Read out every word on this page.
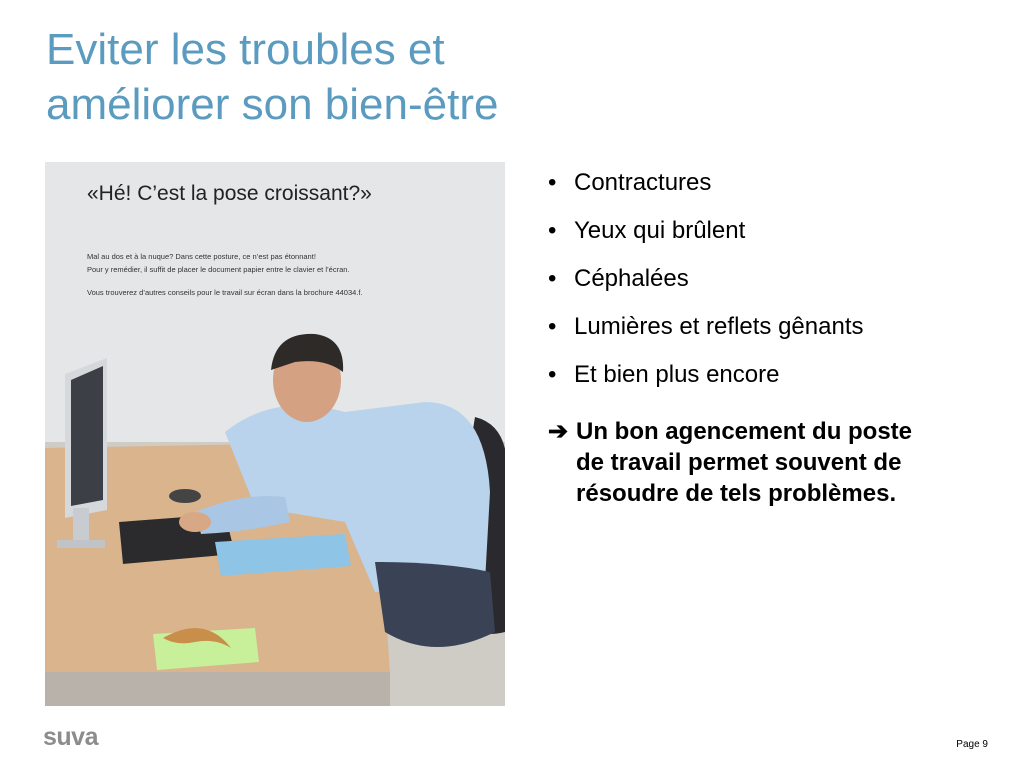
Eviter les troubles et
améliorer son bien-être
«Hé! C’est la pose croissant?»
Mal au dos et à la nuque? Dans cette posture, ce n’est pas étonnant!
Pour y remédier, il suffit de placer le document papier entre le clavier et l’écran.
Vous trouverez d’autres conseils pour le travail sur écran dans la brochure 44034.f.
• Contractures
• Yeux qui brûlent
• Céphalées
• Lumières et reflets gênants
• Et bien plus encore
➔ Un bon agencement du poste
de travail permet souvent de
résoudre de tels problèmes.
suva	Page 9
